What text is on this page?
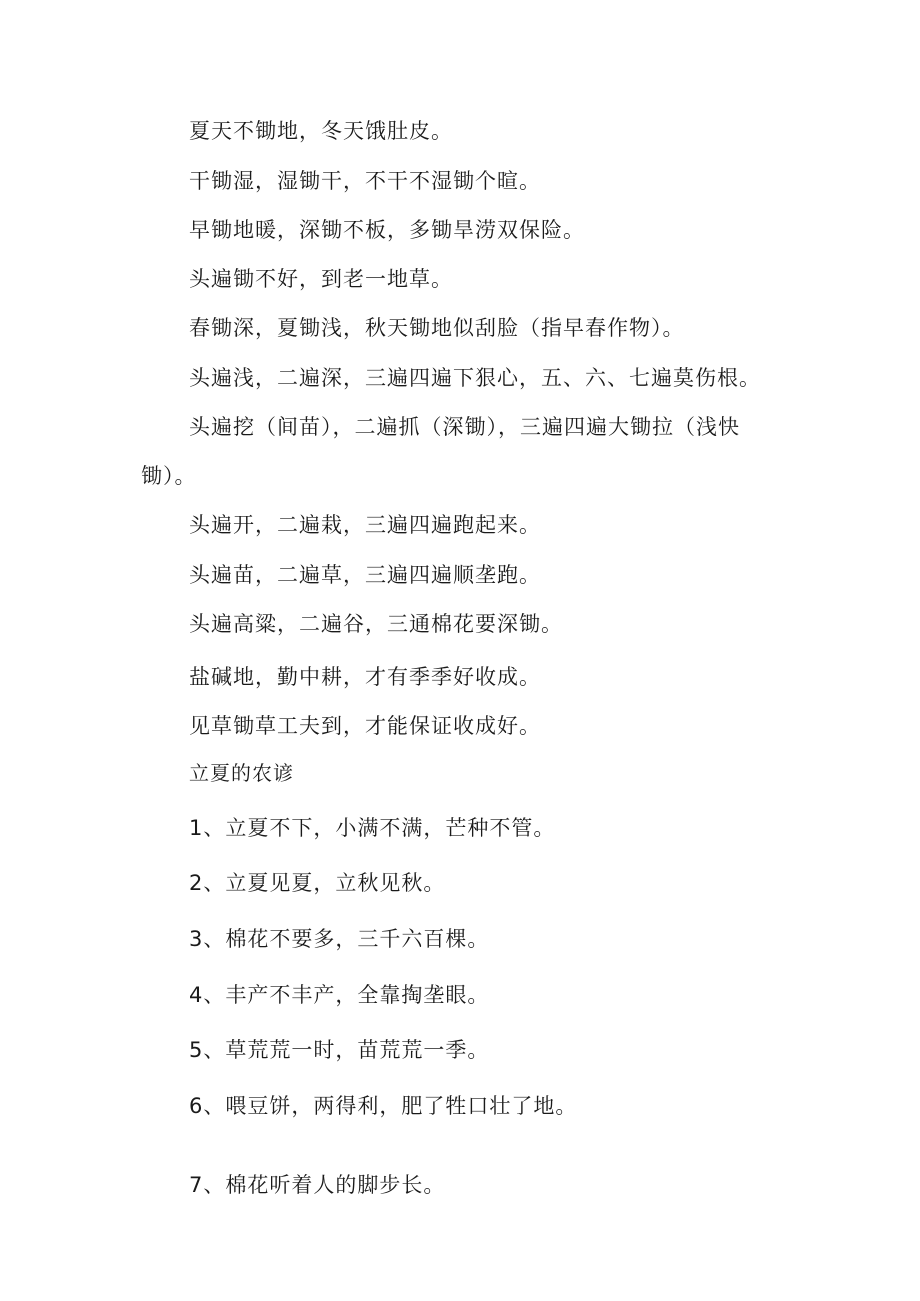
夏天不锄地，冬天饿肚皮。
干锄湿，湿锄干，不干不湿锄个暄。
早锄地暖，深锄不板，多锄旱涝双保险。
头遍锄不好，到老一地草。
春锄深，夏锄浅，秋天锄地似刮脸（指早春作物）。
头遍浅，二遍深，三遍四遍下狠心，五、六、七遍莫伤根。
头遍挖（间苗），二遍抓（深锄），三遍四遍大锄拉（浅快
锄）。
头遍开，二遍栽，三遍四遍跑起来。
头遍苗，二遍草，三遍四遍顺垄跑。
头遍高粱，二遍谷，三通棉花要深锄。
盐碱地，勤中耕，才有季季好收成。
见草锄草工夫到，才能保证收成好。
立夏的农谚
1、立夏不下，小满不满，芒种不管。
2、立夏见夏，立秋见秋。
3、棉花不要多，三千六百棵。
4、丰产不丰产，全靠掏垄眼。
5、草荒荒一时，苗荒荒一季。
6、喂豆饼，两得利，肥了牲口壮了地。
7、棉花听着人的脚步长。
